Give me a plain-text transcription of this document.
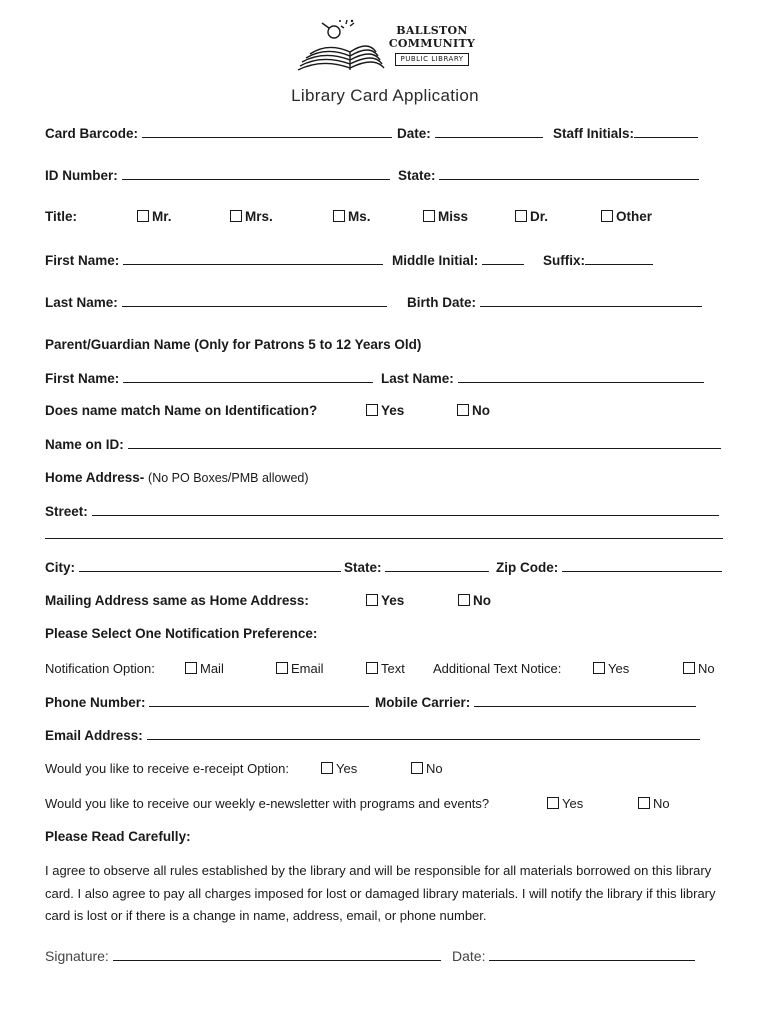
BALLSTON
COMMUNITY
PUBLIC LIBRARY
Library Card Application
Card Barcode:	Date:	Staff Initials:
ID Number:	State:
Title:	Mr.	Mrs.	Ms.	Miss	Dr.	Other
First Name:	Middle Initial:	Suffix:
Last Name:	Birth Date:
Parent/Guardian Name (Only for Patrons 5 to 12 Years Old)
First Name:	Last Name:
Does name match Name on Identification?	Yes	No
Name on ID:
Home Address- (No PO Boxes/PMB allowed)
Street:
City:	State:	Zip Code:
Mailing Address same as Home Address:	Yes	No
Please Select One Notification Preference:
Notification Option:	Mail	Email	Text Additional Text Notice:	Yes	No
Phone Number:	Mobile Carrier:
Email Address:
Would you like to receive e-receipt Option:	Yes	No
Would you like to receive our weekly e-newsletter with programs and events?	Yes	No
Please Read Carefully:
I agree to observe all rules established by the library and will be responsible for all materials borrowed on this library card. I also agree to pay all charges imposed for lost or damaged library materials. I will notify the library if this library card is lost or if there is a change in name, address, email, or phone number.
Signature:	Date:
